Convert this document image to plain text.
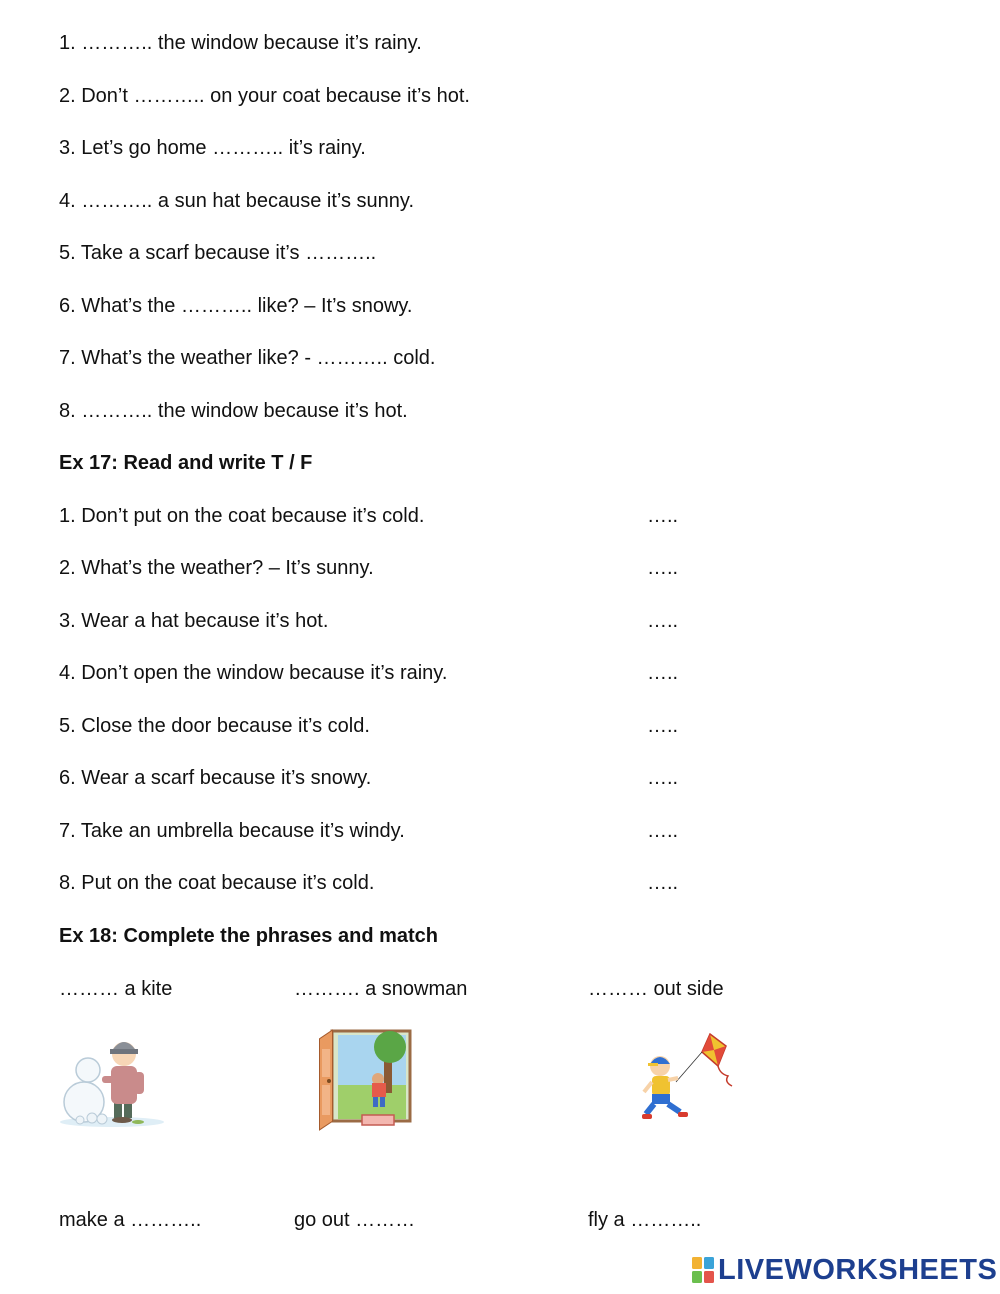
1. ……….. the window because it’s rainy.
2. Don’t ……….. on your coat because it’s hot.
3. Let’s go home ……….. it’s rainy.
4. ……….. a sun hat because it’s sunny.
5. Take a scarf because it’s ………..
6. What’s the ……….. like? – It’s snowy.
7. What’s the weather like? - ……….. cold.
8. ……….. the window because it’s hot.
Ex 17: Read and write T / F
1. Don’t put on the coat because it’s cold.	…..
2. What’s the weather? – It’s sunny.	…..
3. Wear a hat because it’s hot.	…..
4. Don’t open the window because it’s rainy.	…..
5. Close the door because it’s cold.	…..
6. Wear a scarf because it’s snowy.	…..
7. Take an umbrella because it’s windy.	…..
8. Put on the coat because it’s cold.	…..
Ex 18: Complete the phrases and match
……… a kite	………. a snowman	……… out side
make a ………..	go out ………	fly a ………..
LIVEWORKSHEETS
